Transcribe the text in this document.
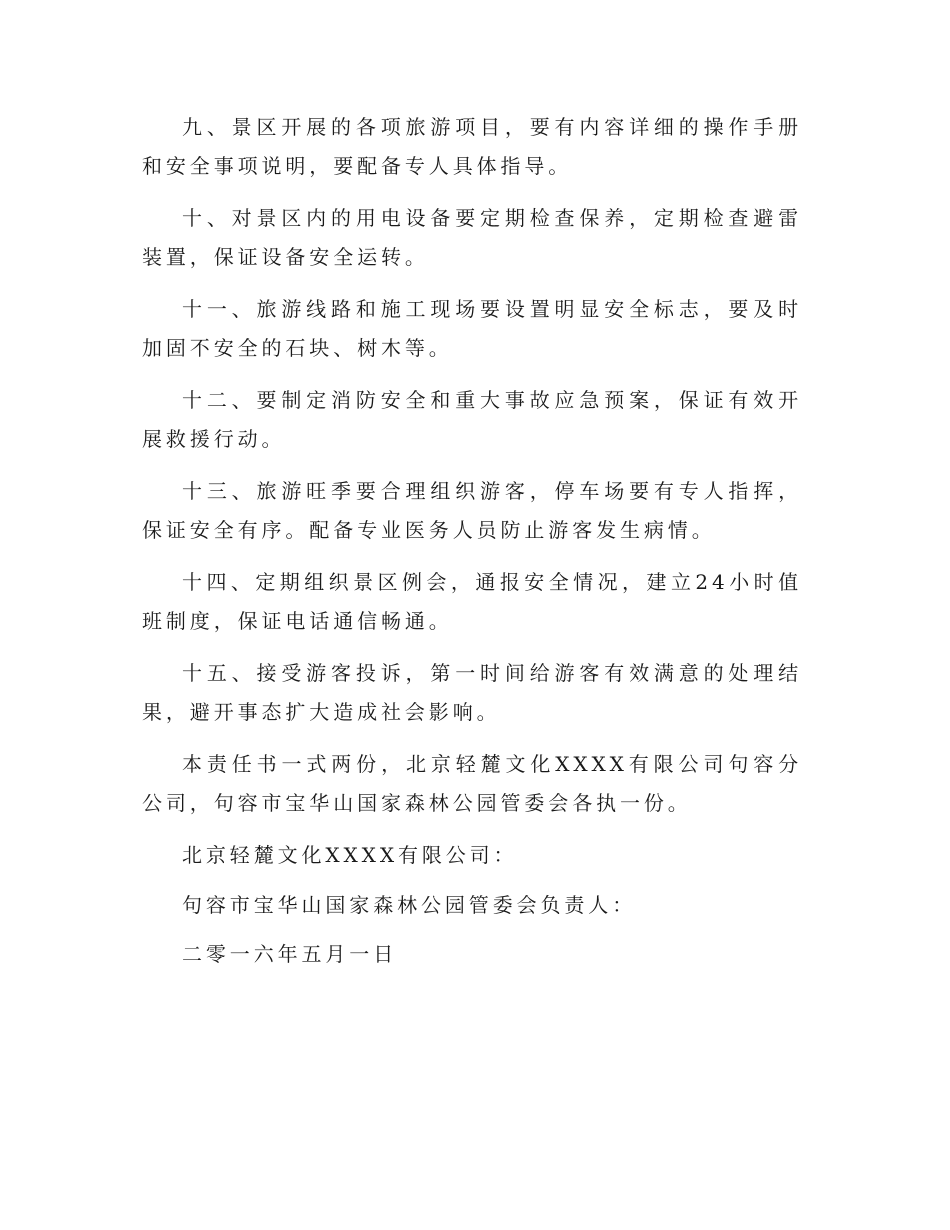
九、景区开展的各项旅游项目，要有内容详细的操作手册和安全事项说明，要配备专人具体指导。

十、对景区内的用电设备要定期检查保养，定期检查避雷装置，保证设备安全运转。

十一、旅游线路和施工现场要设置明显安全标志，要及时加固不安全的石块、树木等。

十二、要制定消防安全和重大事故应急预案，保证有效开展救援行动。

十三、旅游旺季要合理组织游客，停车场要有专人指挥，保证安全有序。配备专业医务人员防止游客发生病情。

十四、定期组织景区例会，通报安全情况，建立24小时值班制度，保证电话通信畅通。

十五、接受游客投诉，第一时间给游客有效满意的处理结果，避开事态扩大造成社会影响。

本责任书一式两份，北京轻麓文化XXXX有限公司句容分公司，句容市宝华山国家森林公园管委会各执一份。

北京轻麓文化XXXX有限公司：

句容市宝华山国家森林公园管委会负责人：

二零一六年五月一日
